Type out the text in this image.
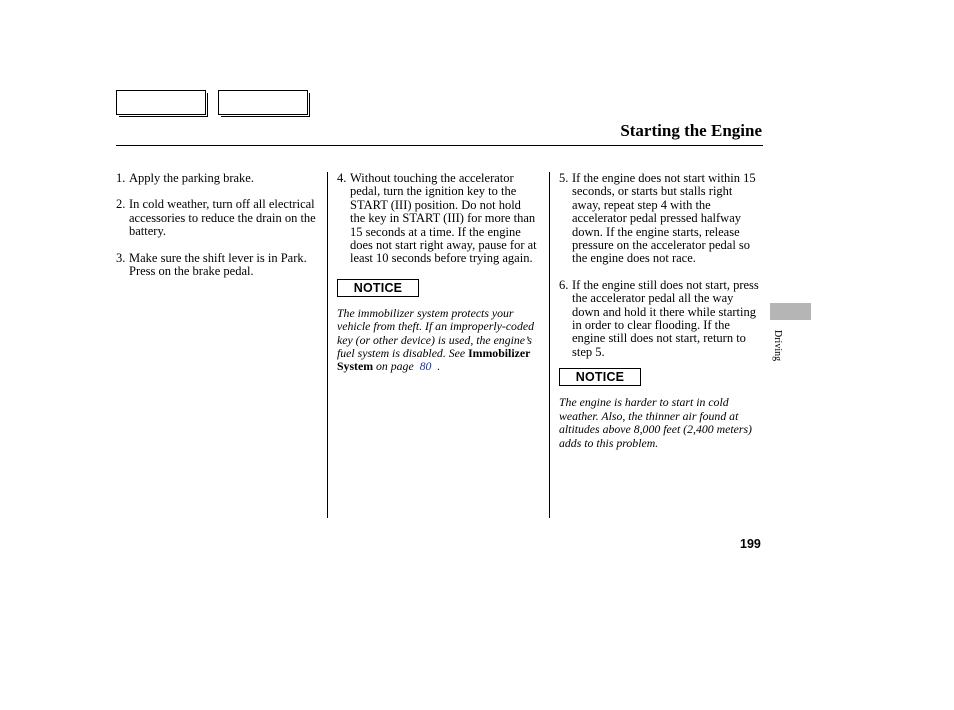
Starting the Engine
1. Apply the parking brake.
2. In cold weather, turn off all electrical accessories to reduce the drain on the battery.
3. Make sure the shift lever is in Park. Press on the brake pedal.
4. Without touching the accelerator pedal, turn the ignition key to the START (III) position. Do not hold the key in START (III) for more than 15 seconds at a time. If the engine does not start right away, pause for at least 10 seconds before trying again.
NOTICE
The immobilizer system protects your vehicle from theft. If an improperly-coded key (or other device) is used, the engine’s fuel system is disabled. See Immobilizer System on page 80 .
5. If the engine does not start within 15 seconds, or starts but stalls right away, repeat step 4 with the accelerator pedal pressed halfway down. If the engine starts, release pressure on the accelerator pedal so the engine does not race.
6. If the engine still does not start, press the accelerator pedal all the way down and hold it there while starting in order to clear flooding. If the engine still does not start, return to step 5.
NOTICE
The engine is harder to start in cold weather. Also, the thinner air found at altitudes above 8,000 feet (2,400 meters) adds to this problem.
Driving
199
